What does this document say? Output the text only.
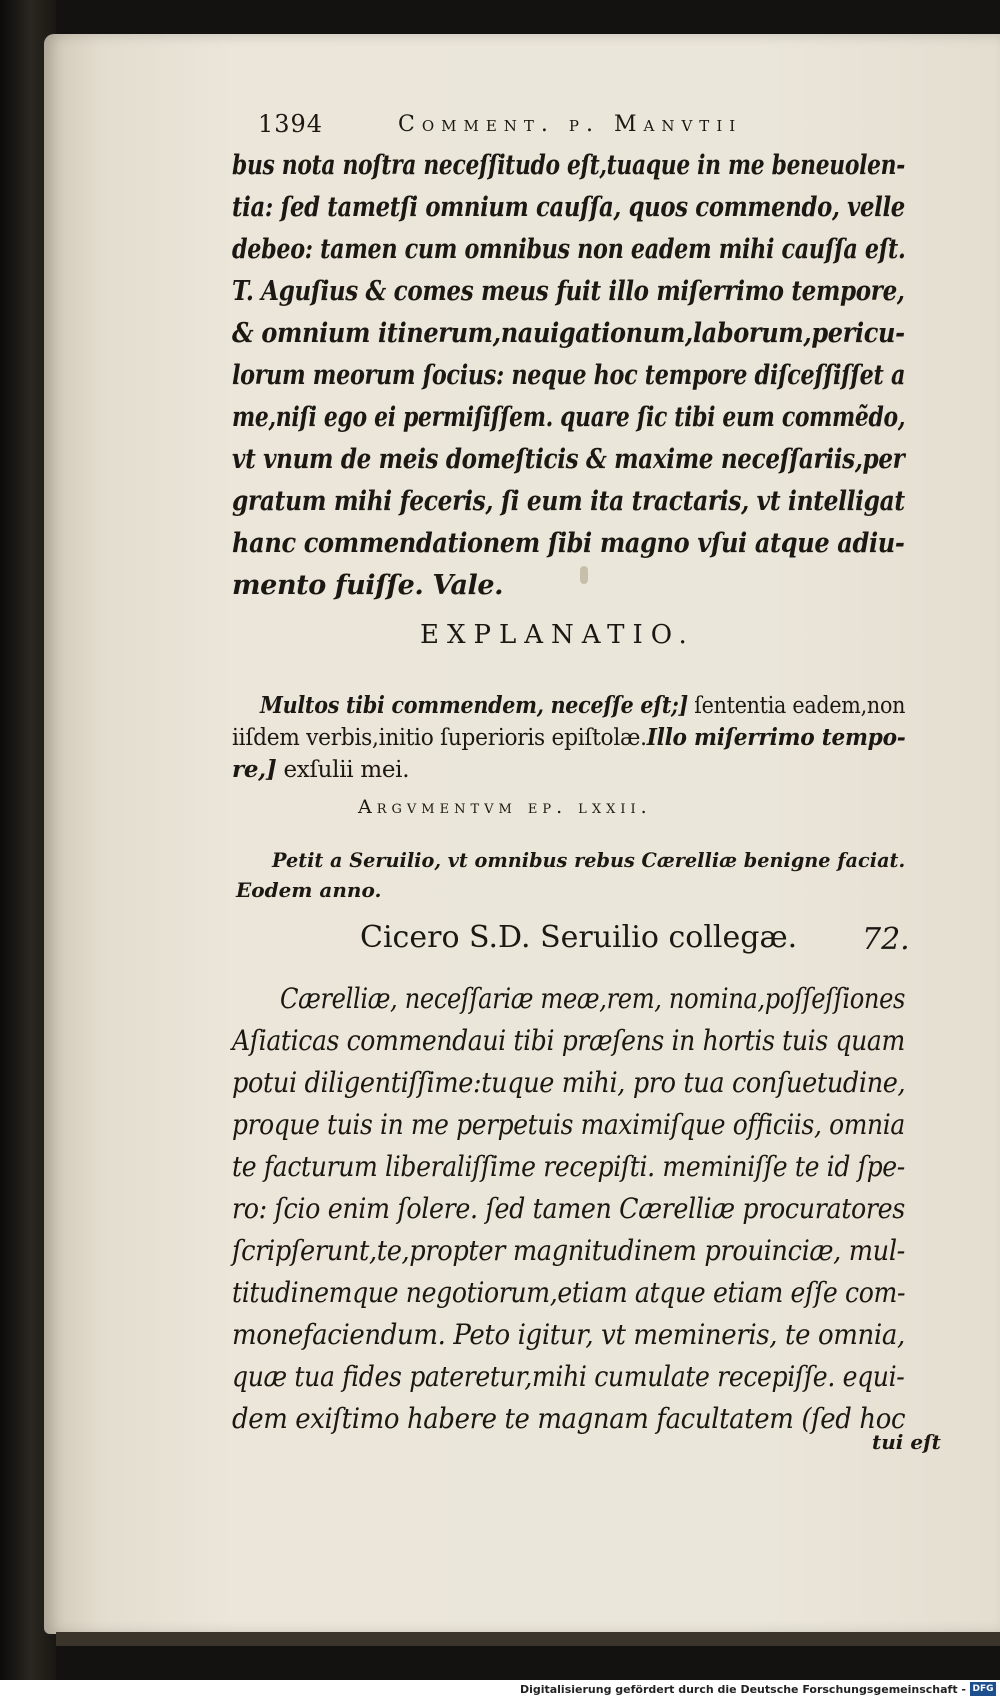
1394	Comment. p. Manvtii
bus nota noſtra neceſſitudo eſt,tuaque in me beneuolen-
tia: ſed tametſi omnium cauſſa, quos commendo, velle
debeo: tamen cum omnibus non eadem mihi cauſſa eſt.
T. Aguſius & comes meus fuit illo miſerrimo tempore,
& omnium itinerum,nauigationum,laborum,pericu-
lorum meorum ſocius: neque hoc tempore diſceſſiſſet a
me,niſi ego ei permiſiſſem. quare ſic tibi eum commẽdo,
vt vnum de meis domeſticis & maxime neceſſariis,per
gratum mihi feceris, ſi eum ita tractaris, vt intelligat
hanc commendationem ſibi magno vſui atque adiu-
mento fuiſſe. Vale.
EXPLANATIO.
Multos tibi commendem, neceſſe eſt;] ſententia eadem,non
iiſdem verbis,initio ſuperioris epiſtolæ.Illo miſerrimo tempo-
re,] exſulii mei.
Argvmentvm ep. lxxii.
Petit a Seruilio, vt omnibus rebus Cærelliæ benigne faciat.
Eodem anno.
Cicero S.D. Seruilio collegæ. 72.
Cærelliæ, neceſſariæ meæ,rem, nomina,poſſeſſiones
Aſiaticas commendaui tibi præſens in hortis tuis quam
potui diligentiſſime:tuque mihi, pro tua conſuetudine,
proque tuis in me perpetuis maximiſque officiis, omnia
te facturum liberaliſſime recepiſti. meminiſſe te id ſpe-
ro: ſcio enim ſolere. ſed tamen Cærelliæ procuratores
ſcripſerunt,te,propter magnitudinem prouinciæ, mul-
titudinemque negotiorum,etiam atque etiam eſſe com-
monefaciendum. Peto igitur, vt memineris, te omnia,
quæ tua fides pateretur,mihi cumulate recepiſſe. equi-
dem exiſtimo habere te magnam facultatem (ſed hoc
tui eſt
Digitalisierung gefördert durch die Deutsche Forschungsgemeinschaft - DFG
